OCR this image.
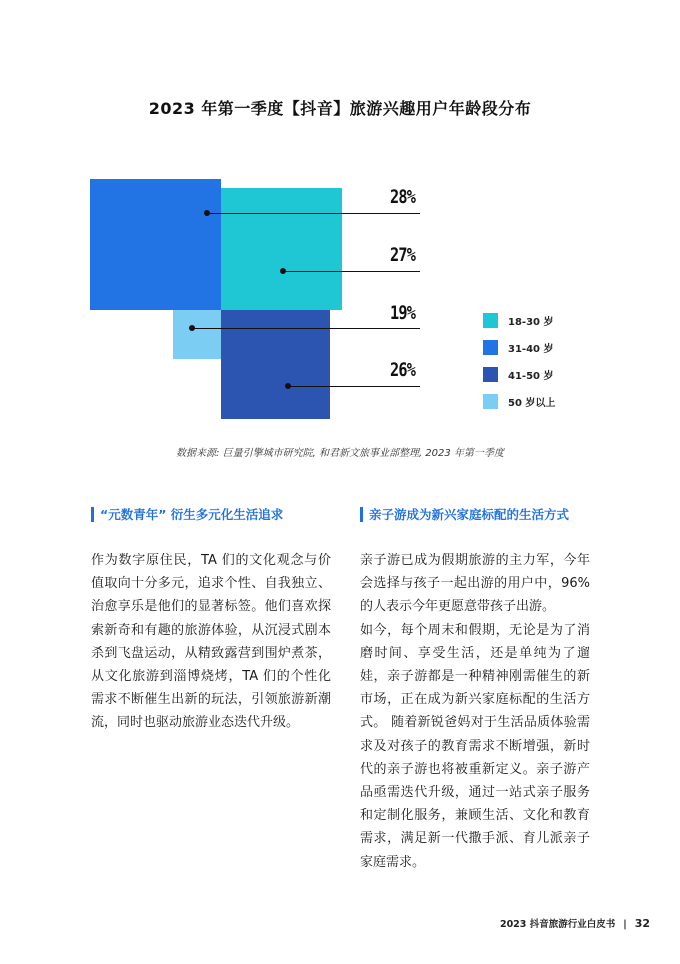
2023 年第一季度【抖音】旅游兴趣用户年龄段分布
28%
27%
19%
26%
18-30 岁
31-40 岁
41-50 岁
50 岁以上
数据来源: 巨量引擎城市研究院, 和君新文旅事业部整理, 2023 年第一季度
“元数青年” 衍生多元化生活追求

作为数字原住民，TA 们的文化观念与价值取向十分多元，追求个性、自我独立、治愈享乐是他们的显著标签。他们喜欢探索新奇和有趣的旅游体验，从沉浸式剧本杀到飞盘运动，从精致露营到围炉煮茶，从文化旅游到淄博烧烤，TA 们的个性化需求不断催生出新的玩法，引领旅游新潮流，同时也驱动旅游业态迭代升级。

亲子游成为新兴家庭标配的生活方式

亲子游已成为假期旅游的主力军，今年会选择与孩子一起出游的用户中，96%的人表示今年更愿意带孩子出游。
如今，每个周末和假期，无论是为了消磨时间、享受生活，还是单纯为了遛娃，亲子游都是一种精神刚需催生的新市场，正在成为新兴家庭标配的生活方式。 随着新锐爸妈对于生活品质体验需求及对孩子的教育需求不断增强，新时代的亲子游也将被重新定义。亲子游产品亟需迭代升级，通过一站式亲子服务和定制化服务，兼顾生活、文化和教育需求，满足新一代撒手派、育儿派亲子家庭需求。

2023 抖音旅游行业白皮书 | 32
